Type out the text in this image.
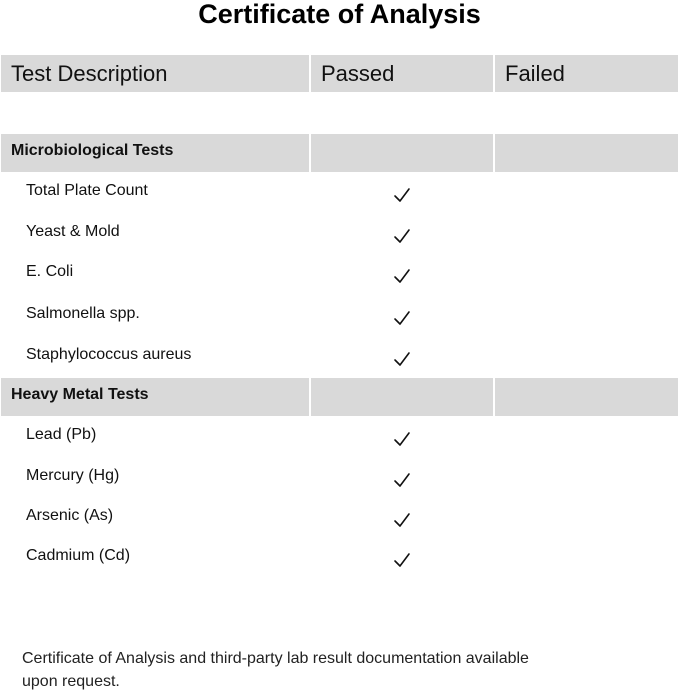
Certificate of Analysis
Test Description	Passed	Failed
Microbiological Tests
Total Plate Count
Yeast & Mold
E. Coli
Salmonella spp.
Staphylococcus aureus
Heavy Metal Tests
Lead (Pb)
Mercury (Hg)
Arsenic (As)
Cadmium (Cd)
Certificate of Analysis and third-party lab result documentation available upon request.
